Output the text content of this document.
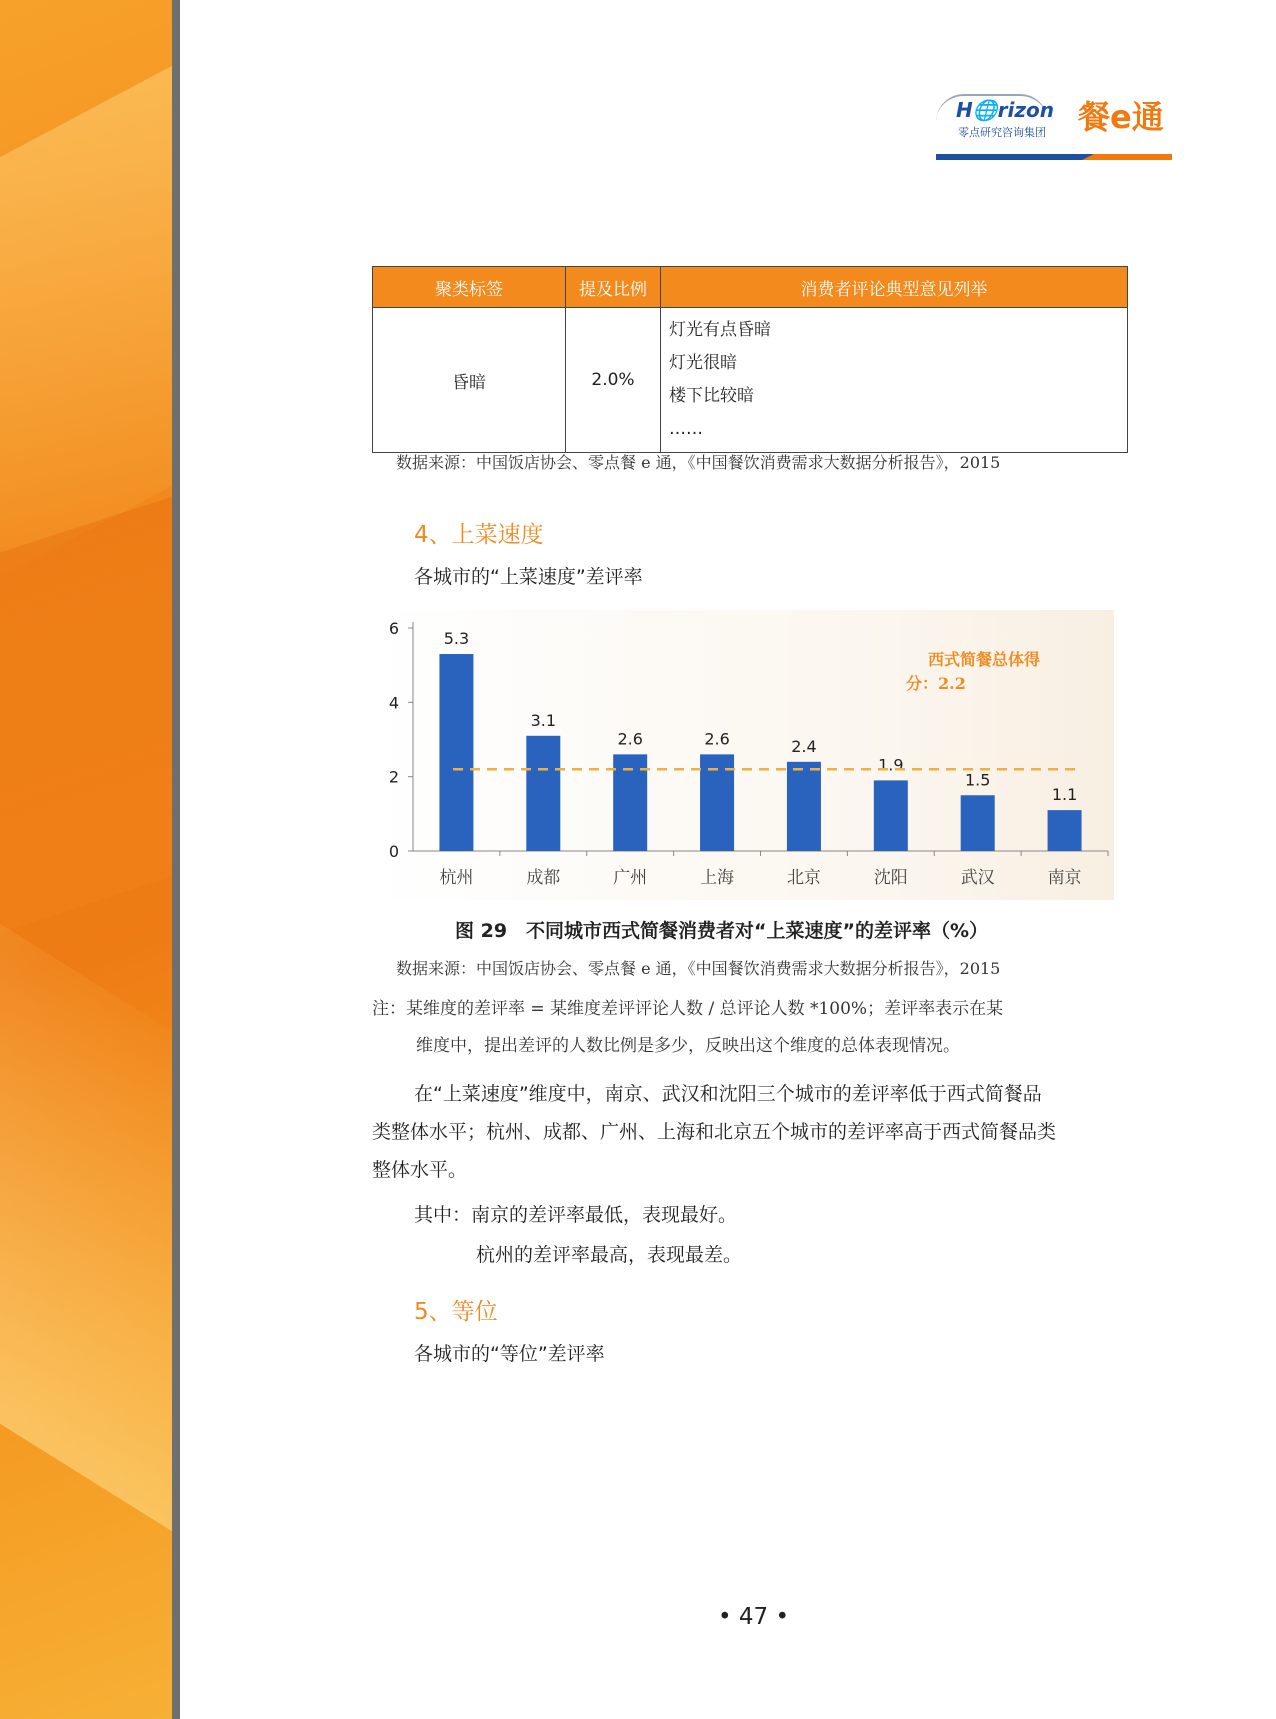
H🌐rizon
零点研究咨询集团 餐e通
聚类标签	提及比例	消费者评论典型意见列举
昏暗	2.0%	灯光有点昏暗
灯光很暗
楼下比较暗
……
数据来源：中国饭店协会、零点餐 e 通，《中国餐饮消费需求大数据分析报告》，2015
4、上菜速度
各城市的“上菜速度”差评率
0
2
4
6
5.3
杭州
3.1
成都
2.6
广州
2.6
上海
2.4
北京
1.9
沈阳
1.5
武汉
1.1
南京
西式简餐总体得
分：2.2
图 29　不同城市西式简餐消费者对“上菜速度”的差评率（%）
数据来源：中国饭店协会、零点餐 e 通，《中国餐饮消费需求大数据分析报告》，2015
注：某维度的差评率 = 某维度差评评论人数 / 总评论人数 *100%；差评率表示在某
维度中，提出差评的人数比例是多少，反映出这个维度的总体表现情况。
在“上菜速度”维度中，南京、武汉和沈阳三个城市的差评率低于西式简餐品
类整体水平；杭州、成都、广州、上海和北京五个城市的差评率高于西式简餐品类
整体水平。
其中：南京的差评率最低，表现最好。
杭州的差评率最高，表现最差。
5、等位
各城市的“等位”差评率
• 47 •
